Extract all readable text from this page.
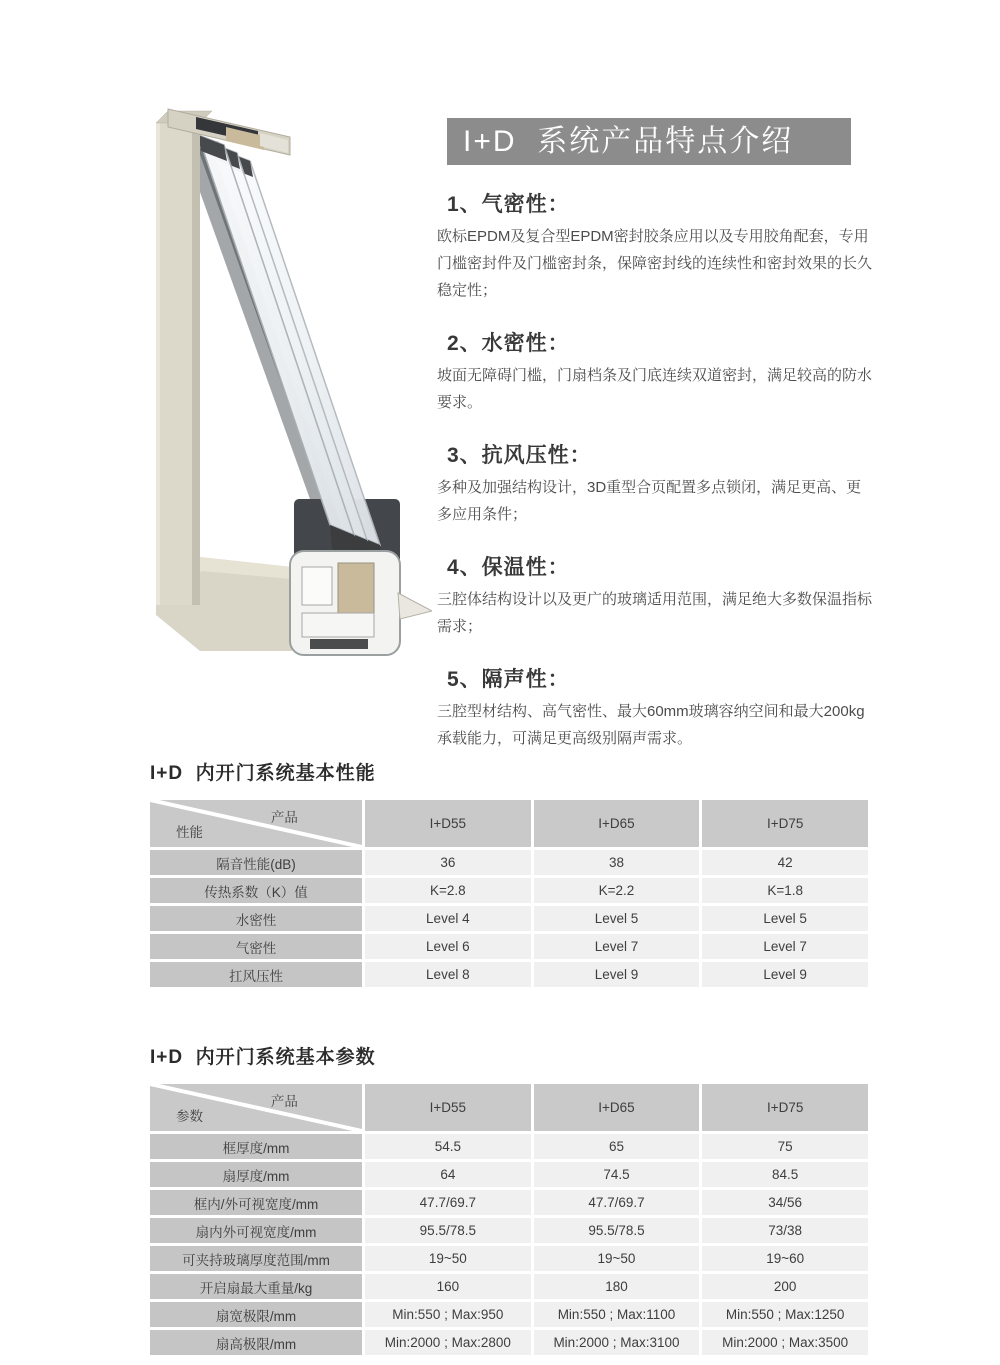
I+D  系统产品特点介绍
1、气密性：

欧标EPDM及复合型EPDM密封胶条应用以及专用胶角配套，专用门槛密封件及门槛密封条，保障密封线的连续性和密封效果的长久稳定性；

2、水密性：

坡面无障碍门槛，门扇档条及门底连续双道密封，满足较高的防水要求。

3、抗风压性：

多种及加强结构设计，3D重型合页配置多点锁闭，满足更高、更多应用条件；

4、保温性：

三腔体结构设计以及更广的玻璃适用范围，满足绝大多数保温指标需求；

5、隔声性：

三腔型材结构、高气密性、最大60mm玻璃容纳空间和最大200kg承载能力，可满足更高级别隔声需求。

I+D  内开门系统基本性能
产品
性能	I+D55	I+D65	I+D75
隔音性能(dB)	36	38	42
传热系数（K）值	K=2.8	K=2.2	K=1.8
水密性	Level 4	Level 5	Level 5
气密性	Level 6	Level 7	Level 7
扛风压性	Level 8	Level 9	Level 9
I+D  内开门系统基本参数
产品
参数	I+D55	I+D65	I+D75
框厚度/mm	54.5	65	75
扇厚度/mm	64	74.5	84.5
框内/外可视宽度/mm	47.7/69.7	47.7/69.7	34/56
扇内外可视宽度/mm	95.5/78.5	95.5/78.5	73/38
可夹持玻璃厚度范围/mm	19~50	19~50	19~60
开启扇最大重量/kg	160	180	200
扇宽极限/mm	Min:550 ; Max:950	Min:550 ; Max:1100	Min:550 ; Max:1250
扇高极限/mm	Min:2000 ; Max:2800	Min:2000 ; Max:3100	Min:2000 ; Max:3500
